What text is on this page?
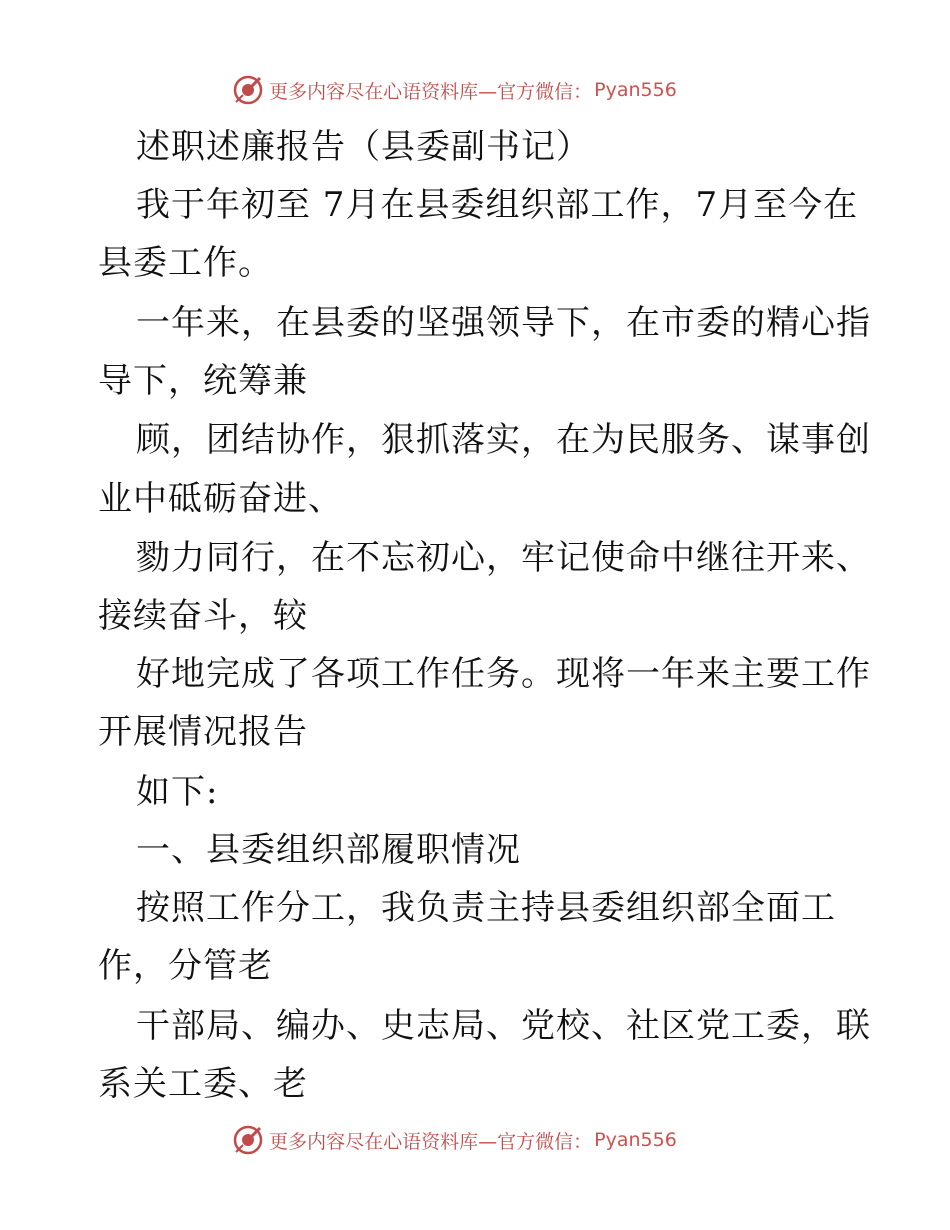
更多内容尽在心语资料库—官方微信： Pyan556
述职述廉报告（县委副书记）
我于年初至 7月在县委组织部工作，7月至今在
县委工作。
一年来，在县委的坚强领导下，在市委的精心指
导下，统筹兼
顾，团结协作，狠抓落实，在为民服务、谋事创
业中砥砺奋进、
勠力同行，在不忘初心，牢记使命中继往开来、
接续奋斗，较
好地完成了各项工作任务。现将一年来主要工作
开展情况报告
如下:
一、县委组织部履职情况
按照工作分工，我负责主持县委组织部全面工
作，分管老
干部局、编办、史志局、党校、社区党工委，联
系关工委、老
更多内容尽在心语资料库—官方微信： Pyan556
